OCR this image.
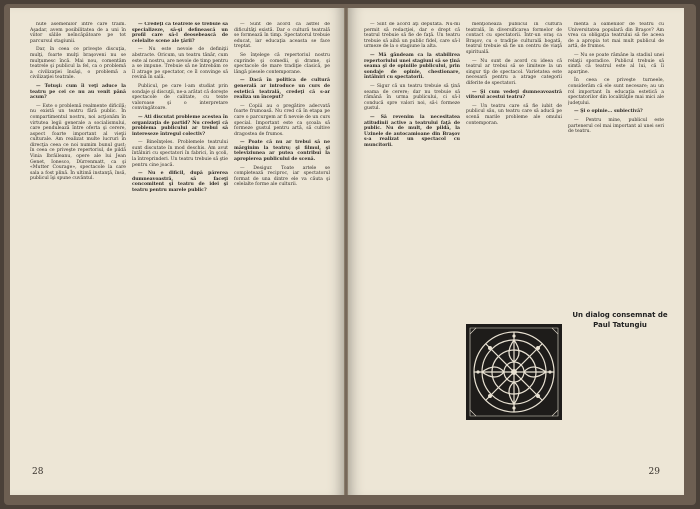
nute asemenilor între care trăim. Aşadar, avem posibilitatea de a uni în viitor sălile neîncăpătoare pe tot parcursul stagiunii.

Dar, în ceea ce priveşte discuţia, mulţi, foarte mulţi braşoveni nu se mulţumesc încă. Mai nou, comentăm teatrele şi publicul la fel, ca o problemă a civilizaţiei însăşi, o problemă a civilizaţiei teatrale.

— Totuşi: cum îi veţi aduce la teatru pe cei ce nu au venit până acum?

— Este o problemă realmente dificilă; nu există un teatru fără public. În compartimentul nostru, noi acţionăm în virtutea legii generale a socialismului, care pendulează între oferta şi cerere, aspect foarte important al vieţii culturale. Am realizat multe lucruri în direcţia ceea ce noi numim bunul gust; în ceea ce priveşte repertoriul, de pildă Vinia Ibrăileanu, opere ale lui Jean Genet, Ionesco, Dürrenmatt, ca şi «Mutter Courage», spectacole la care sala a fost plină. În ultimă instanţă, însă, publicul îşi spune cuvântul.

— Credeţi că teatrele se trebuie să specializeze, să-şi definească un profil care să-l deosebească de celelalte scene ale ţării?

— Nu este nevoie de definiţii abstracte. Oricum, un teatru tânăr, cum este al nostru, are nevoie de timp pentru a se impune. Trebuie să ne întrebăm ce îl atrage pe spectator, ce îl convinge să revină în sală.

Publicul, pe care l-am studiat prin sondaje şi discuţii, ne-a arătat că doreşte spectacole de calitate, cu texte valoroase şi o interpretare convingătoare.

— Ati discutat probleme acestea în organizaţia de partid? Nu credeţi că problema publicului ar trebui să intereseze întregul colectiv?

— Bineînţeles. Problemele teatrului sunt discutate în mod deschis. Am avut întâlniri cu spectatori în fabrici, în şcoli, la întreprinderi. Un teatru trebuie să ştie pentru cine joacă.

— Nu e dificil, după părerea dumneavoastră, să faceţi concomitent şi teatru de idei şi teatru pentru marele public?

— Sunt de acord că astfel de dificultăţi există. Dar o cultură teatrală se formează în timp. Spectatorul trebuie educat, iar educaţia aceasta se face treptat.

Se înţelege că repertoriul nostru cuprinde şi comedii, şi drame, şi spectacole de mare tradiţie clasică, pe lângă piesele contemporane.

— Dacă în politica de cultură generală ar introduce un curs de estetică teatrală, credeţi că s-ar realiza un început?

— Copiii au o pregătire adecvată foarte frumoasă. Nu cred că în etapa pe care o parcurgem ar fi nevoie de un curs special. Important este ca şcoala să formeze gustul pentru artă, să cultive dragostea de frumos.

— Poate că nu ar trebui să ne mărginim la teatru; şi filmul, şi televiziunea ar putea contribui la apropierea publicului de scenă.

— Desigur. Toate artele se completează reciproc, iar spectatorul format de una dintre ele va căuta şi celelalte forme ale culturii.

28

— Sînt de acord aţi deputată. Nu-mi permit să redacţiei, dar e drept că teatrul trebuie să fie de faţă. Un teatru trebuie să aibă un public fidel, care să-l urmeze de la o stagiune la alta.

— Mă gândeam ca la stabilirea repertoriului unei stagiuni să se ţină seama şi de opiniile publicului, prin sondaje de opinie, chestionare, întâlniri cu spectatorii.

— Sigur că un teatru trebuie să ţină seama de cerere; dar nu trebuie să rămână în urma publicului, ci să-l conducă spre valori noi, să-i formeze gustul.

— Să revenim la necesitatea atitudinii active a teatrului faţă de public. Nu de mult, de pildă, la Uzinele de autocamioane din Braşov s-a realizat un spectacol cu muncitorii.

menţionează publicul în cultura teatrală, în diversificarea formelor de contact cu spectatorii. Într-un oraş ca Braşov, cu o tradiţie culturală bogată, teatrul trebuie să fie un centru de viaţă spirituală.

— Nu sunt de acord cu ideea că teatrul ar trebui să se limiteze la un singur tip de spectacol. Varietatea este necesară pentru a atrage categorii diferite de spectatori.

— Şi cum vedeţi dumneavoastră viitorul acestui teatru?

— Un teatru care să fie iubit de publicul său, un teatru care să aducă pe scenă marile probleme ale omului contemporan.

mentă a oamenilor de teatru cu Universitatea populară din Braşov? Am vrea ca obligaţia teatrului să fie aceea de a apropia tot mai mult publicul de artă, de frumos.

— Nu se poate rămâne la stadiul unei relaţii sporadice. Publicul trebuie să simtă că teatrul este al lui, că îi aparţine.

În ceea ce priveşte turneele, considerăm că ele sunt necesare; au un rol important în educaţia estetică a spectatorilor din localităţile mai mici ale judeţului.

— Şi o opinie... subiectivă?

— Pentru mine, publicul este partenerul cel mai important al unei seri de teatru.

Un dialog consemnat de
Paul Tatungiu
29
